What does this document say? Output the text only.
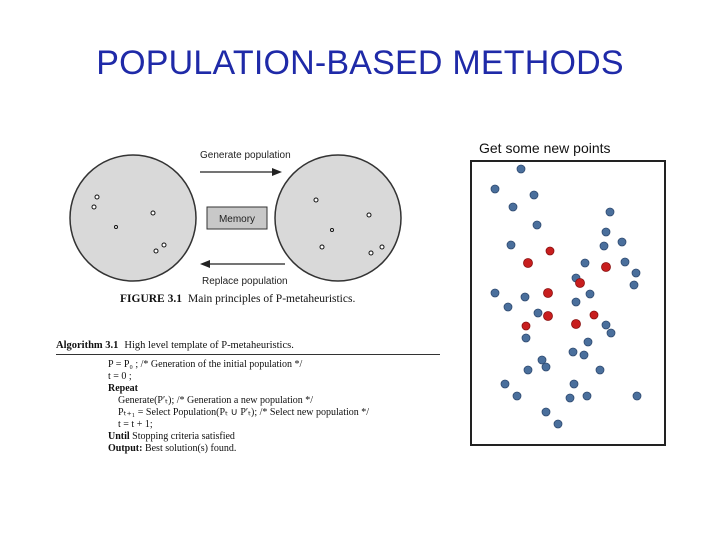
POPULATION-BASED METHODS
Generate population
Memory
Replace population
FIGURE 3.1 Main principles of P-metaheuristics.
Algorithm 3.1 High level template of P-metaheuristics.
P = P₀ ; /* Generation of the initial population */
t = 0 ;
Repeat
Generate(P′ₜ); /* Generation a new population */
Pₜ₊₁ = Select Population(Pₜ ∪ P′ₜ); /* Select new population */
t = t + 1;
Until Stopping criteria satisfied
Output: Best solution(s) found.
Get some new points
